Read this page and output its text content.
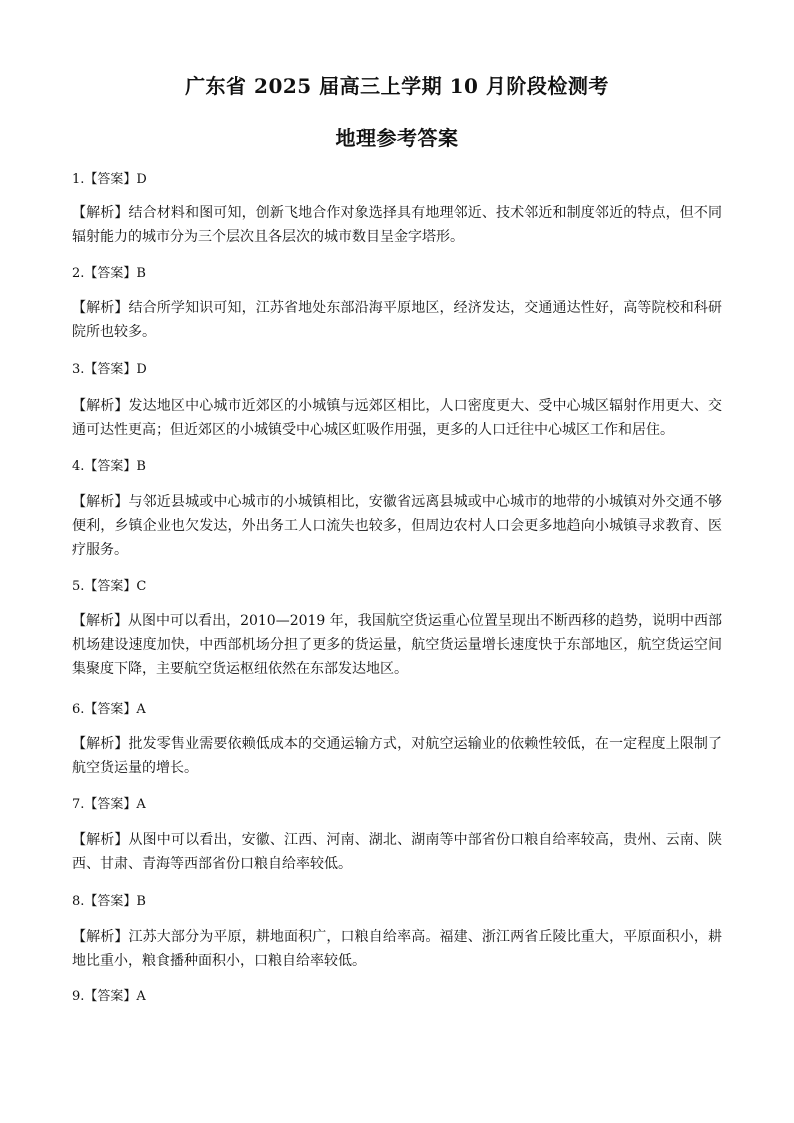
广东省 2025 届高三上学期 10 月阶段检测考
地理参考答案
1.【答案】D
【解析】结合材料和图可知，创新飞地合作对象选择具有地理邻近、技术邻近和制度邻近的特点，但不同辐射能力的城市分为三个层次且各层次的城市数目呈金字塔形。
2.【答案】B
【解析】结合所学知识可知，江苏省地处东部沿海平原地区，经济发达，交通通达性好，高等院校和科研院所也较多。
3.【答案】D
【解析】发达地区中心城市近郊区的小城镇与远郊区相比，人口密度更大、受中心城区辐射作用更大、交通可达性更高；但近郊区的小城镇受中心城区虹吸作用强，更多的人口迁往中心城区工作和居住。
4.【答案】B
【解析】与邻近县城或中心城市的小城镇相比，安徽省远离县城或中心城市的地带的小城镇对外交通不够便利，乡镇企业也欠发达，外出务工人口流失也较多，但周边农村人口会更多地趋向小城镇寻求教育、医疗服务。
5.【答案】C
【解析】从图中可以看出，2010—2019 年，我国航空货运重心位置呈现出不断西移的趋势，说明中西部机场建设速度加快，中西部机场分担了更多的货运量，航空货运量增长速度快于东部地区，航空货运空间集聚度下降，主要航空货运枢纽依然在东部发达地区。
6.【答案】A
【解析】批发零售业需要依赖低成本的交通运输方式，对航空运输业的依赖性较低，在一定程度上限制了航空货运量的增长。
7.【答案】A
【解析】从图中可以看出，安徽、江西、河南、湖北、湖南等中部省份口粮自给率较高，贵州、云南、陕西、甘肃、青海等西部省份口粮自给率较低。
8.【答案】B
【解析】江苏大部分为平原，耕地面积广，口粮自给率高。福建、浙江两省丘陵比重大，平原面积小，耕地比重小，粮食播种面积小，口粮自给率较低。
9.【答案】A
